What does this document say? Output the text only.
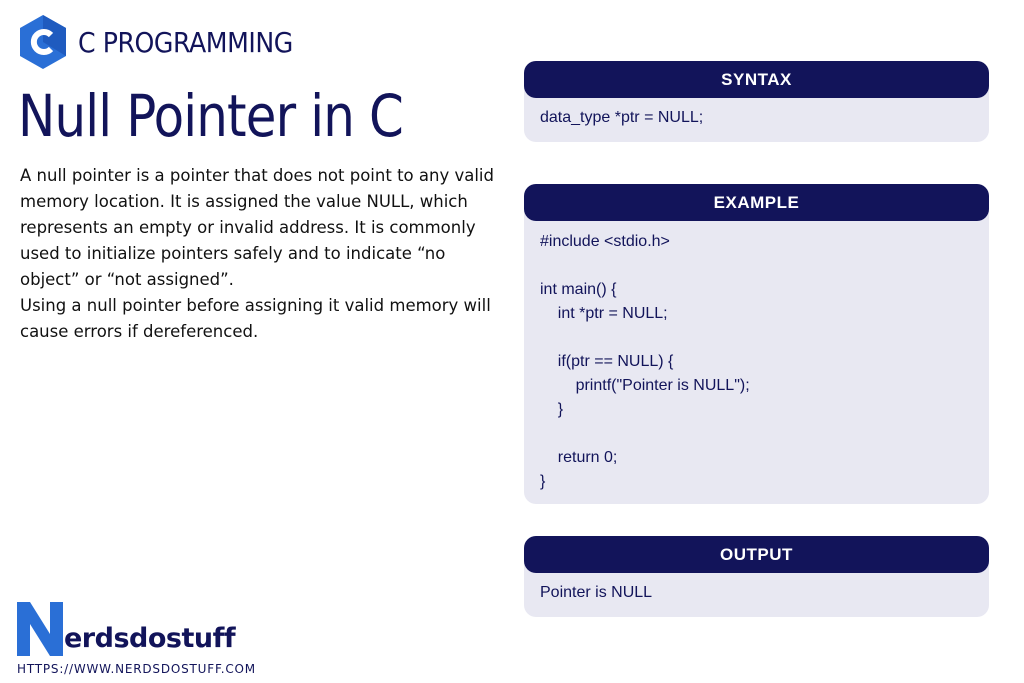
C PROGRAMMING
Null Pointer in C

A null pointer is a pointer that does not point to any valid memory location. It is assigned the value NULL, which represents an empty or invalid address. It is commonly used to initialize pointers safely and to indicate “no object” or “not assigned”.

Using a null pointer before assigning it valid memory will cause errors if dereferenced.

SYNTAX
data_type *ptr = NULL;
EXAMPLE
#include <stdio.h>
int main() {
int *ptr = NULL;
if(ptr == NULL) {
printf("Pointer is NULL");
}
return 0;
}
OUTPUT
Pointer is NULL
erdsdostuff
HTTPS://WWW.NERDSDOSTUFF.COM
